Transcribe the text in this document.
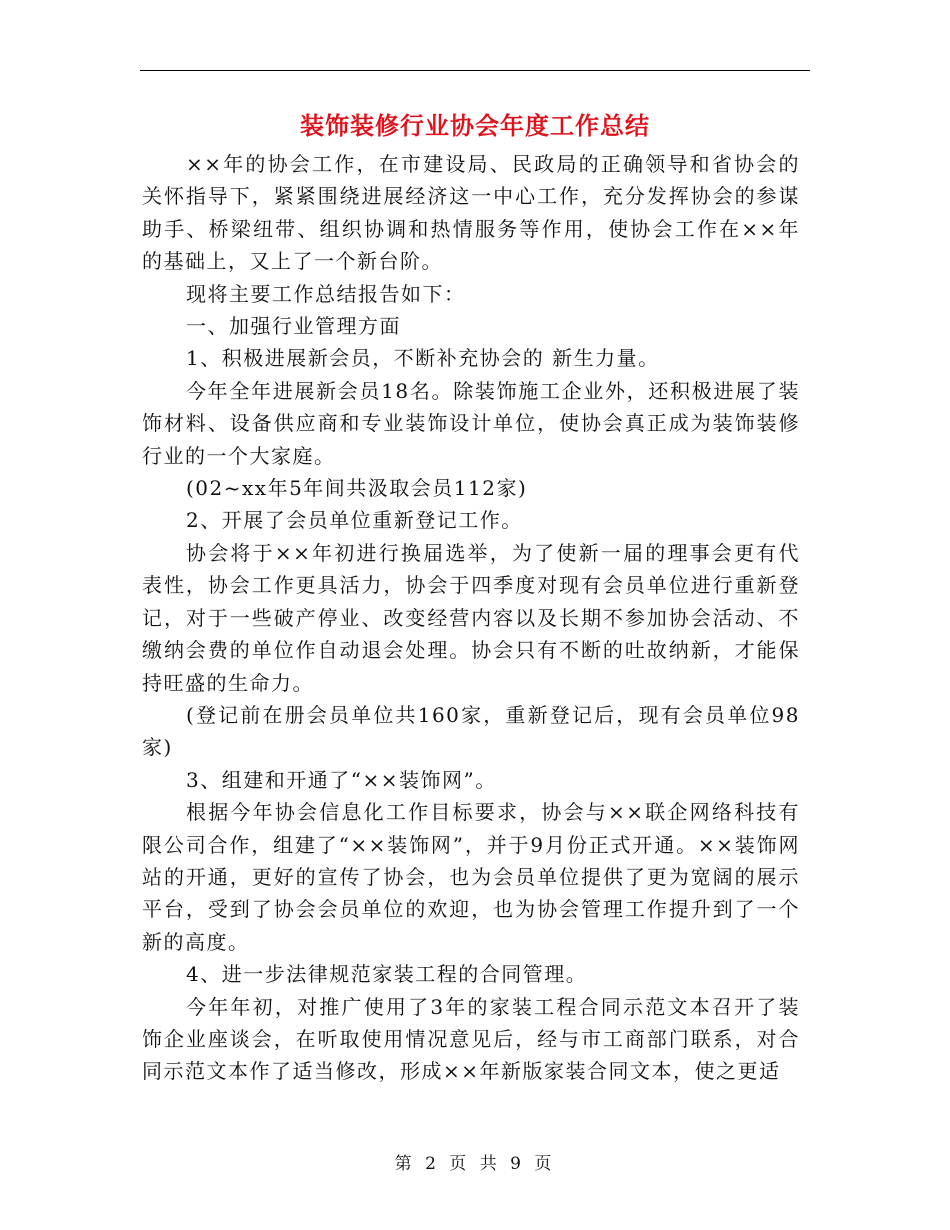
装饰装修行业协会年度工作总结

××年的协会工作，在市建设局、民政局的正确领导和省协会的关怀指导下，紧紧围绕进展经济这一中心工作，充分发挥协会的参谋助手、桥梁纽带、组织协调和热情服务等作用，使协会工作在××年的基础上，又上了一个新台阶。

现将主要工作总结报告如下：

一、加强行业管理方面

1、积极进展新会员，不断补充协会的 新生力量。

今年全年进展新会员18名。除装饰施工企业外，还积极进展了装饰材料、设备供应商和专业装饰设计单位，使协会真正成为装饰装修行业的一个大家庭。

(02~xx年5年间共汲取会员112家)

2、开展了会员单位重新登记工作。

协会将于××年初进行换届选举，为了使新一届的理事会更有代表性，协会工作更具活力，协会于四季度对现有会员单位进行重新登记，对于一些破产停业、改变经营内容以及长期不参加协会活动、不缴纳会费的单位作自动退会处理。协会只有不断的吐故纳新，才能保持旺盛的生命力。

(登记前在册会员单位共160家，重新登记后，现有会员单位98家)

3、组建和开通了“××装饰网”。

根据今年协会信息化工作目标要求，协会与××联企网络科技有限公司合作，组建了“××装饰网”，并于9月份正式开通。××装饰网站的开通，更好的宣传了协会，也为会员单位提供了更为宽阔的展示平台，受到了协会会员单位的欢迎，也为协会管理工作提升到了一个新的高度。

4、进一步法律规范家装工程的合同管理。

今年年初，对推广使用了3年的家装工程合同示范文本召开了装饰企业座谈会，在听取使用情况意见后，经与市工商部门联系，对合同示范文本作了适当修改，形成××年新版家装合同文本，使之更适

第 2 页 共 9 页
